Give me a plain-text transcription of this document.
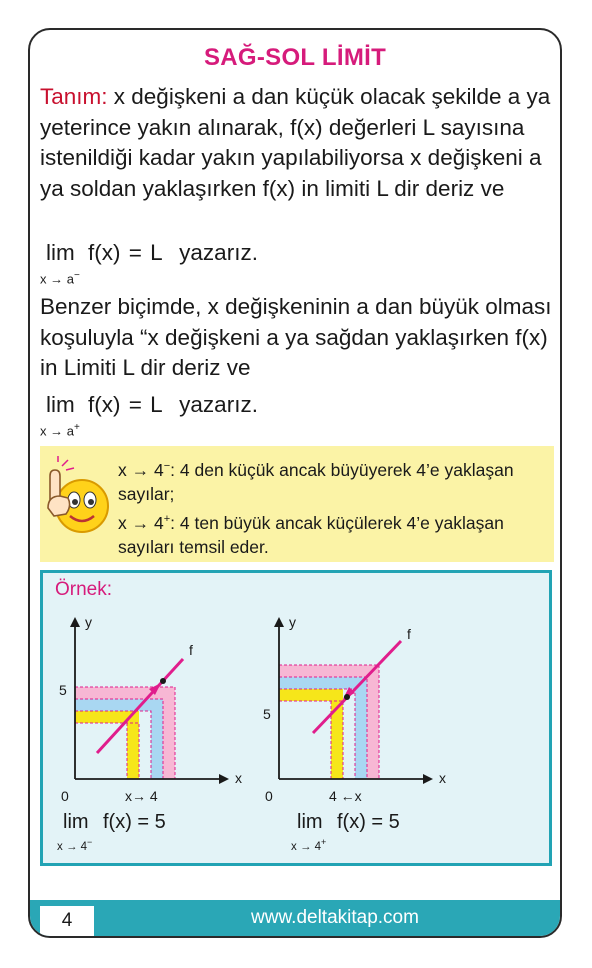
SAĞ-SOL LİMİT
Tanım: x değişkeni a dan küçük olacak şekilde a ya yeterince yakın alınarak, f(x) değerleri L sayısına istenildiği kadar yakın yapılabiliyorsa x değişkeni a ya soldan yaklaşırken f(x) in limiti L dir deriz ve
lim
x → a−
f(x) = L yazarız.
Benzer biçimde, x değişkeninin a dan büyük olması koşuluyla “x değişkeni a ya sağdan yaklaşırken f(x) in Limiti L dir deriz ve
lim
x → a+
f(x) = L yazarız.
x → 4−: 4 den küçük ancak büyüyerek 4’e yaklaşan sayılar;
x → 4+: 4 ten büyük ancak küçülerek 4’e yaklaşan sayıları temsil eder.
Örnek:
x
y
f
5
0	x→ 4
x
y
f
5
0	4 ←x
lim
x → 4−
f(x) = 5	lim
x → 4+
f(x) = 5
4	www.deltakitap.com
